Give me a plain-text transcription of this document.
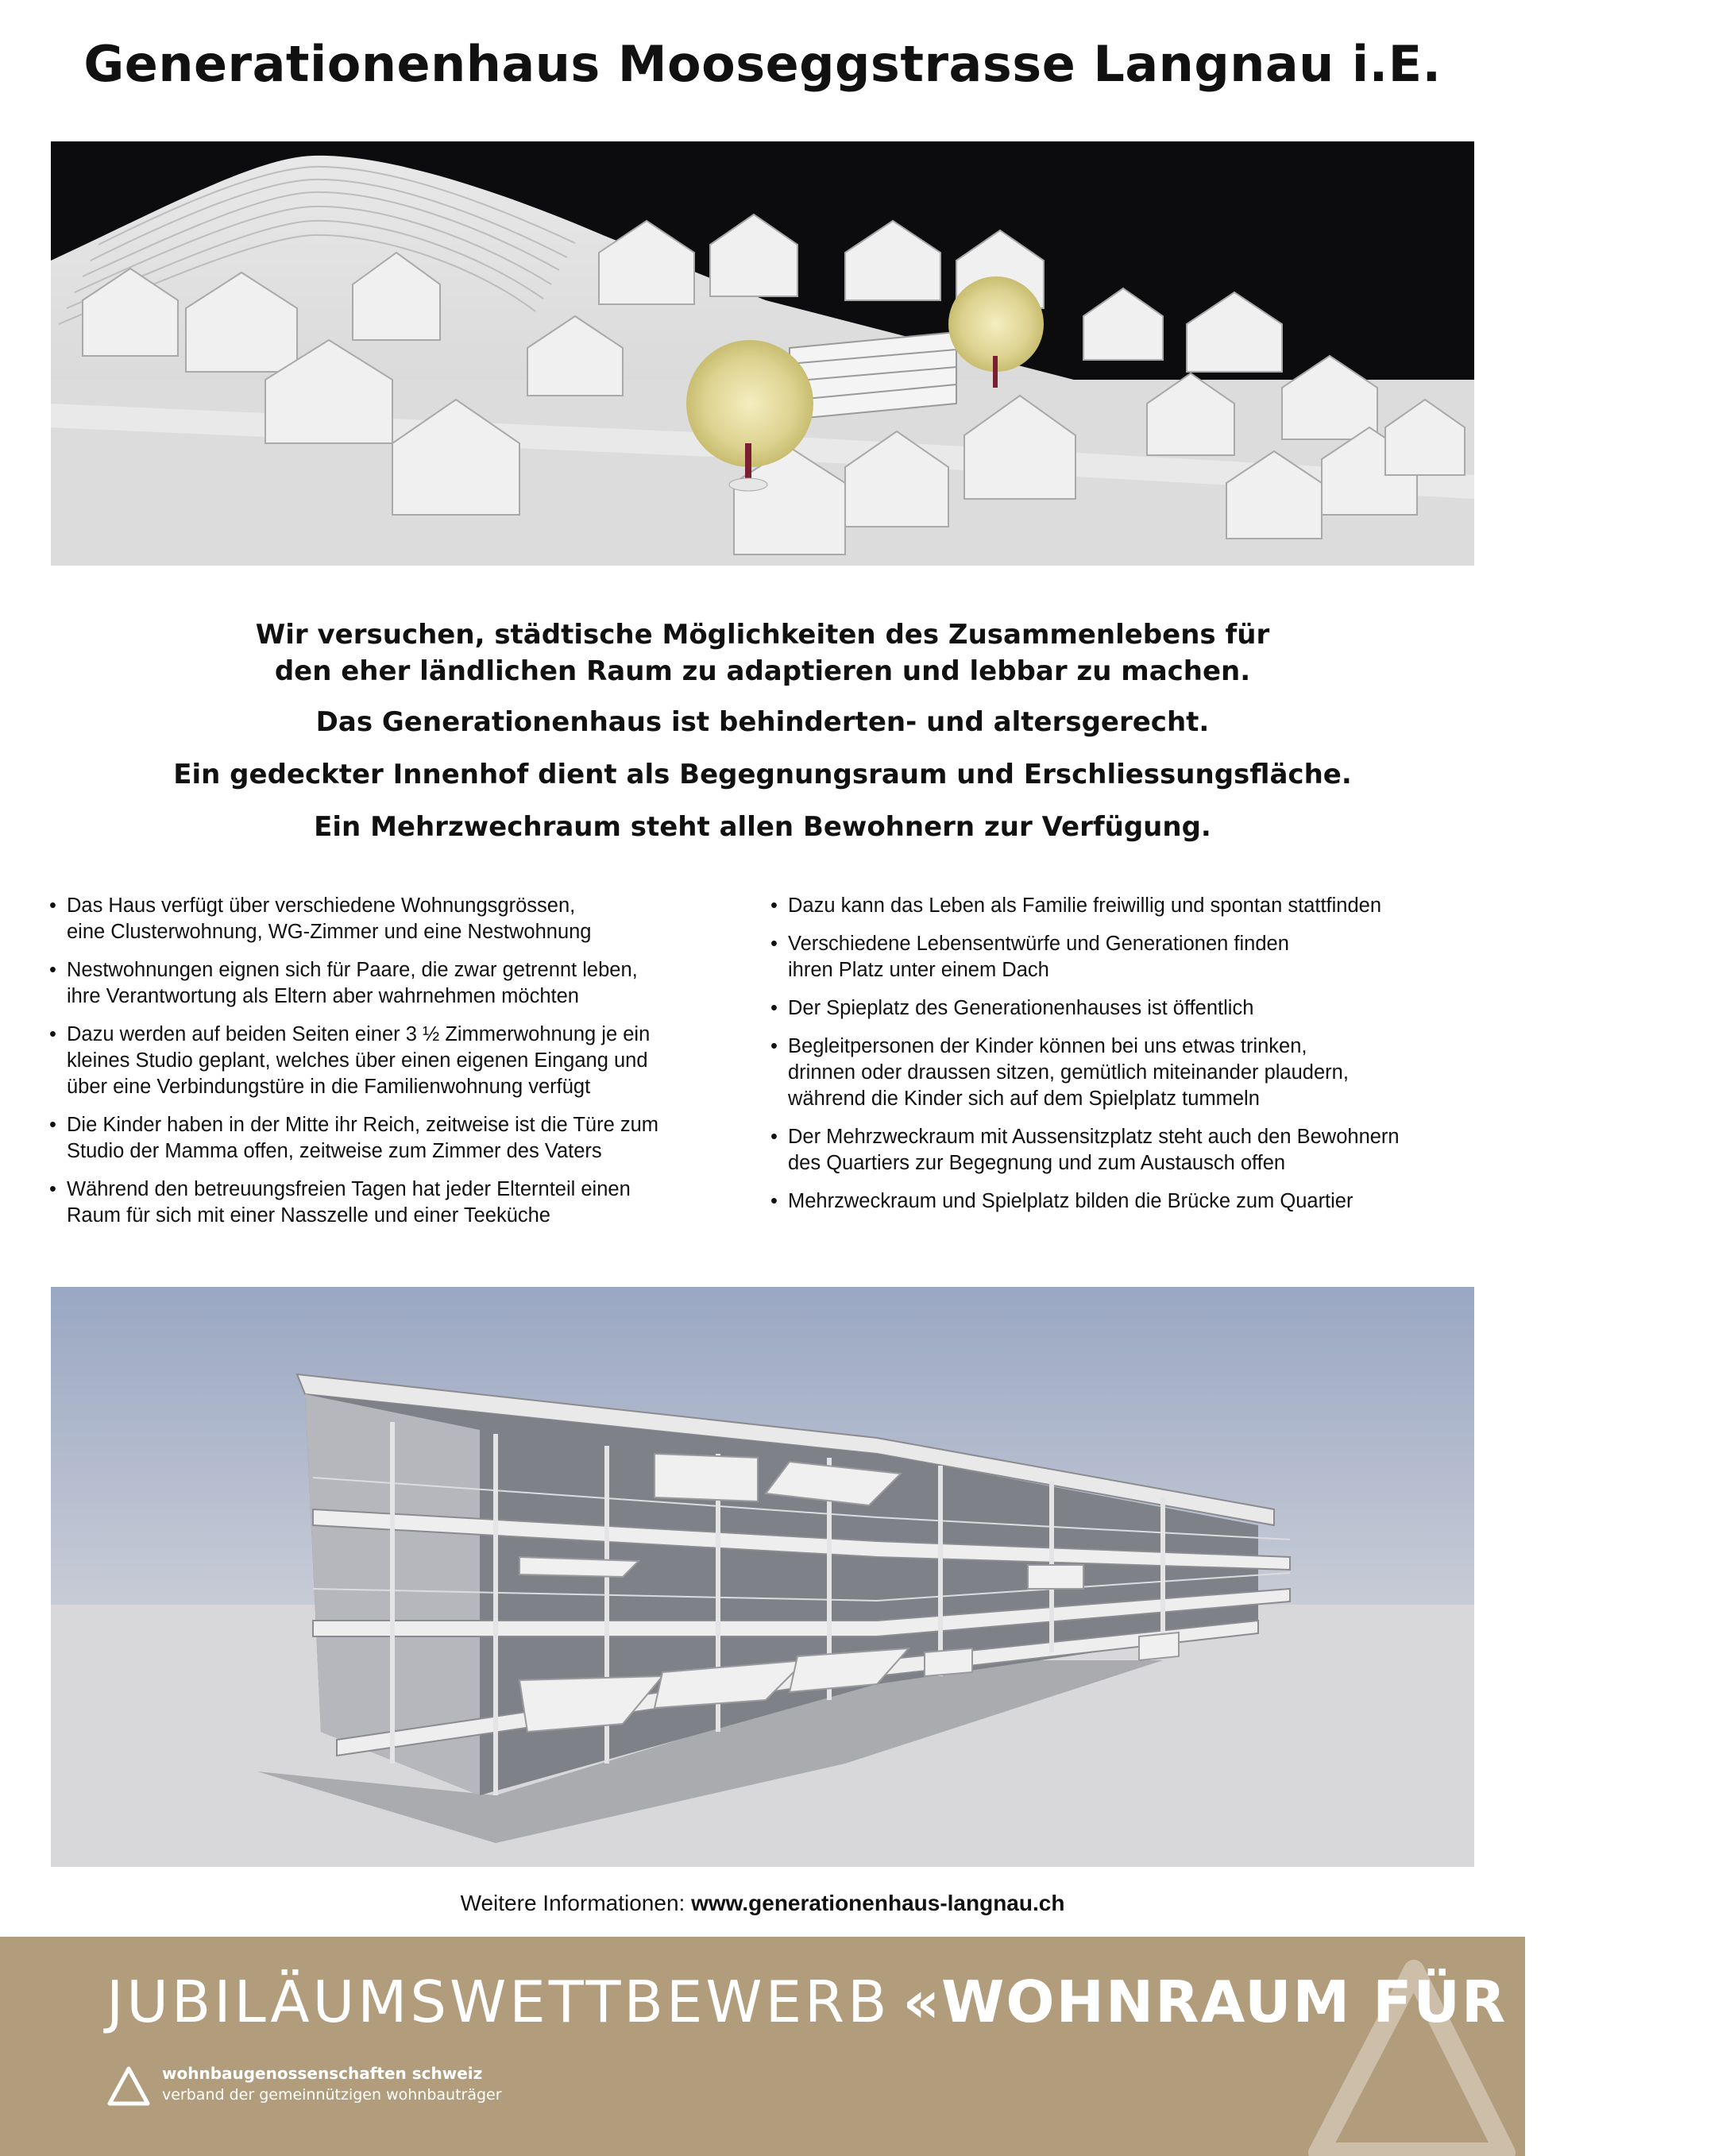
Generationenhaus Mooseggstrasse Langnau i.E.

Wir versuchen, städtische Möglichkeiten des Zusammenlebens für
den eher ländlichen Raum zu adaptieren und lebbar zu machen.

Das Generationenhaus ist behinderten- und altersgerecht.

Ein gedeckter Innenhof dient als Begegnungsraum und Erschliessungsfläche.

Ein Mehrzwechraum steht allen Bewohnern zur Verfügung.

• Das Haus verfügt über verschiedene Wohnungsgrössen,
eine Clusterwohnung, WG-Zimmer und eine Nestwohnung
• Nestwohnungen eignen sich für Paare, die zwar getrennt leben,
ihre Verantwortung als Eltern aber wahrnehmen möchten
• Dazu werden auf beiden Seiten einer 3 ½ Zimmerwohnung je ein
kleines Studio geplant, welches über einen eigenen Eingang und
über eine Verbindungstüre in die Familienwohnung verfügt
• Die Kinder haben in der Mitte ihr Reich, zeitweise ist die Türe zum
Studio der Mamma offen, zeitweise zum Zimmer des Vaters
• Während den betreuungsfreien Tagen hat jeder Elternteil einen
Raum für sich mit einer Nasszelle und einer Teeküche
• Dazu kann das Leben als Familie freiwillig und spontan stattfinden
• Verschiedene Lebensentwürfe und Generationen finden
ihren Platz unter einem Dach
• Der Spieplatz des Generationenhauses ist öffentlich
• Begleitpersonen der Kinder können bei uns etwas trinken,
drinnen oder draussen sitzen, gemütlich miteinander plaudern,
während die Kinder sich auf dem Spielplatz tummeln
• Der Mehrzweckraum mit Aussensitzplatz steht auch den Bewohnern
des Quartiers zur Begegnung und zum Austausch offen
• Mehrzweckraum und Spielplatz bilden die Brücke zum Quartier
Weitere Informationen: www.generationenhaus-langnau.ch
JUBILÄUMSWETTBEWERB «WOHNRAUM FÜR ALLE»
wohnbaugenossenschaften schweiz
verband der gemeinnützigen wohnbauträger
